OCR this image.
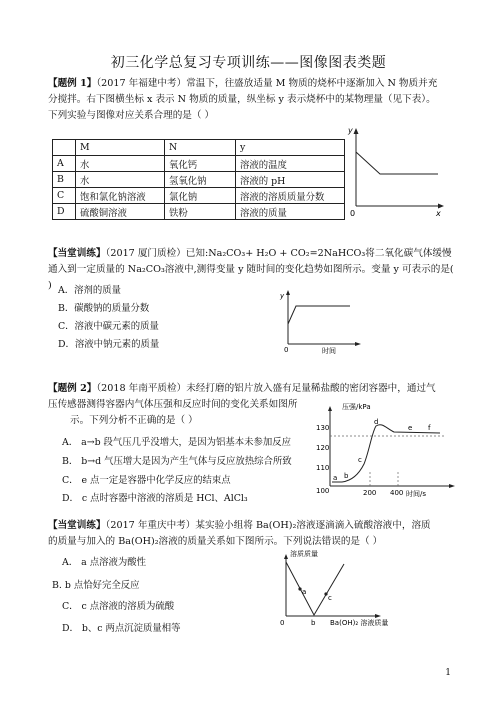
初三化学总复习专项训练——图像图表类题
【题例 1】（2017 年福建中考）常温下，往盛放适量 M 物质的烧杯中逐渐加入 N 物质并充
分搅拌。右下图横坐标 x 表示 N 物质的质量，纵坐标 y 表示烧杯中的某物理量（见下表）。
下列实验与图像对应关系合理的是（ ）
	M	N	y
A	水	氧化钙	溶液的温度
B	水	氢氧化钠	溶液的 pH
C	饱和氯化钠溶液	氯化钠	溶液的溶质质量分数
D	硫酸铜溶液	铁粉	溶液的质量
y
x
0
【当堂训练】（2017 厦门质检）已知:Na₂CO₃+ H₂O + CO₂=2NaHCO₃将二氧化碳气体缓慢
通入到一定质量的 Na₂CO₃溶液中,测得变量 y 随时间的变化趋势如图所示。变量 y 可表示的是( ) A．溶剂的质量
B．碳酸钠的质量分数
C．溶液中碳元素的质量
D．溶液中钠元素的质量
y
0	时间
【题例 2】（2018 年南平质检）未经打磨的铝片放入盛有足量稀盐酸的密闭容器中，通过气
压传感器测得容器内气体压强和反应时间的变化关系如图所
示。下列分析不正确的是（ ）
A． a→b 段气压几乎没增大，是因为铝基本未参加反应
B． b→d 气压增大是因为产生气体与反应放热综合所致
C． e 点一定是容器中化学反应的结束点
D． c 点时容器中溶液的溶质是 HCl、AlCl₃
压强/kPa
时间/s
130
120
110
100	200 400
a b
c
d
e f
【当堂训练】（2017 年重庆中考）某实验小组将 Ba(OH)₂溶液逐滴滴入硫酸溶液中，溶质
的质量与加入的 Ba(OH)₂溶液的质量关系如下图所示。下列说法错误的是（ ）
A． a 点溶液为酸性
B. b 点恰好完全反应
C． c 点溶液的溶质为硫酸
D． b、c 两点沉淀质量相等
溶质质量
0	Ba(OH)₂ 溶液质量
a
b
c
1
